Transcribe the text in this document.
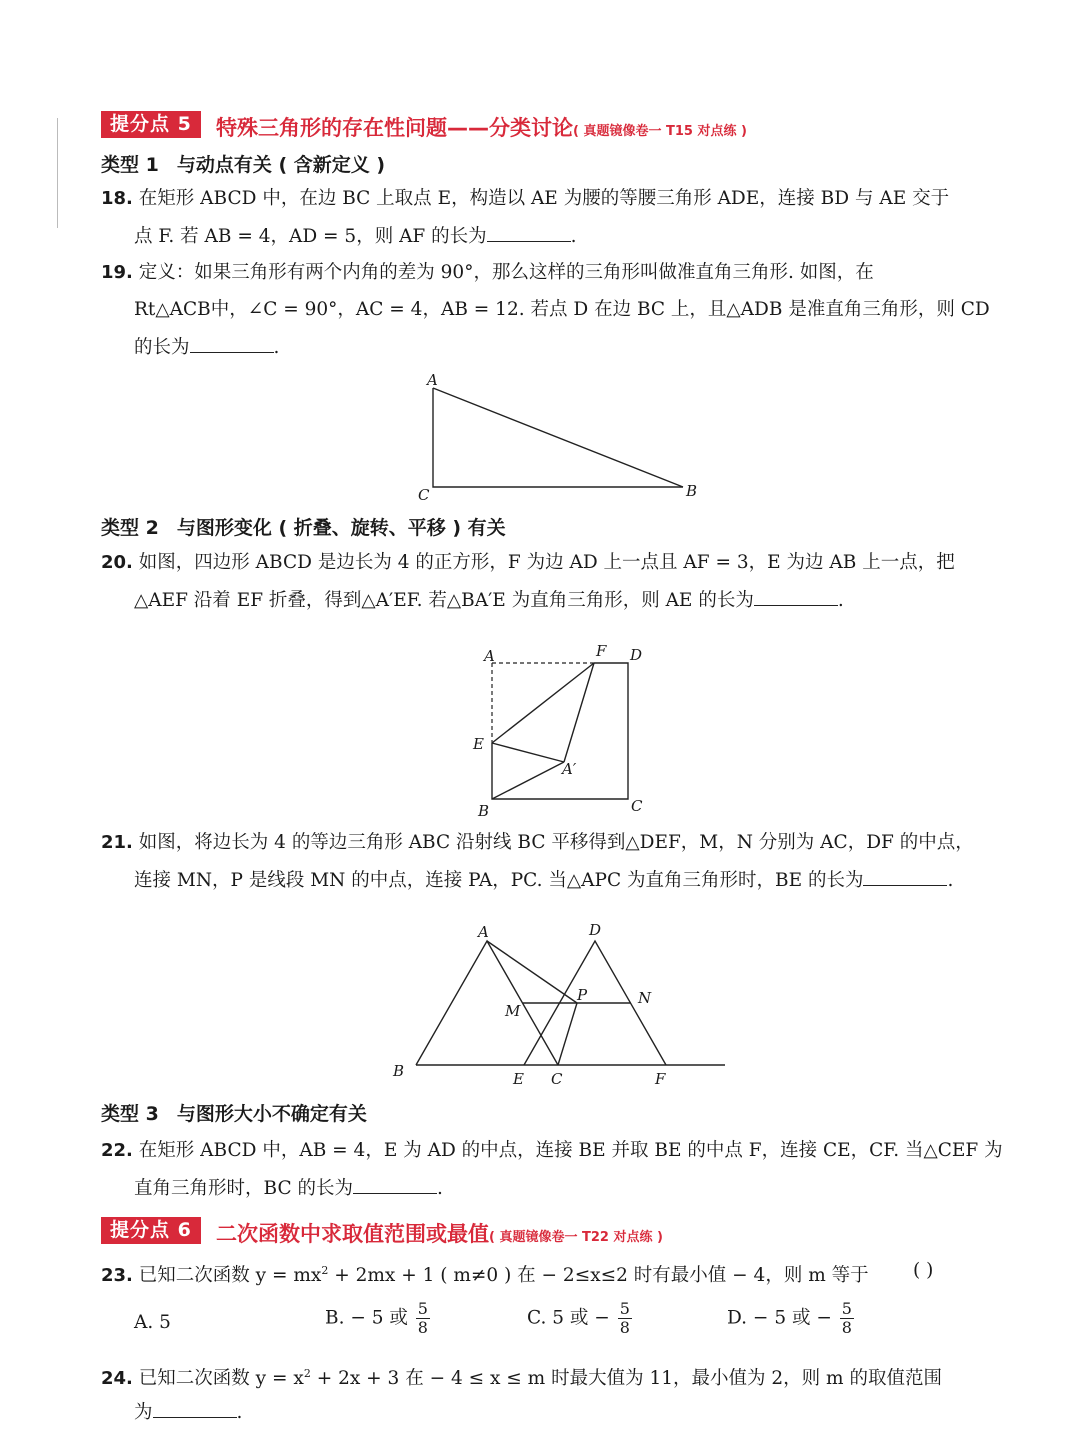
提分点 5	特殊三角形的存在性问题——分类讨论( 真题镜像卷一 T15 对点练 )
类型 1 与动点有关 ( 含新定义 )
18. 在矩形 ABCD 中，在边 BC 上取点 E，构造以 AE 为腰的等腰三角形 ADE，连接 BD 与 AE 交于
点 F. 若 AB = 4，AD = 5，则 AF 的长为	.
19. 定义：如果三角形有两个内角的差为 90°，那么这样的三角形叫做准直角三角形. 如图，在
Rt△ACB中，∠C = 90°，AC = 4，AB = 12. 若点 D 在边 BC 上，且△ADB 是准直角三角形，则 CD
的长为	.
A
C	B
类型 2 与图形变化 ( 折叠、旋转、平移 ) 有关
20. 如图，四边形 ABCD 是边长为 4 的正方形，F 为边 AD 上一点且 AF = 3，E 为边 AB 上一点，把
△AEF 沿着 EF 折叠，得到△A′EF. 若△BA′E 为直角三角形，则 AE 的长为	.
A	F D
E
A′
B	C
21. 如图，将边长为 4 的等边三角形 ABC 沿射线 BC 平移得到△DEF，M，N 分别为 AC，DF 的中点，
连接 MN，P 是线段 MN 的中点，连接 PA，PC. 当△APC 为直角三角形时，BE 的长为	.
A	D
M
P	N
B	E C	F
类型 3 与图形大小不确定有关
22. 在矩形 ABCD 中，AB = 4，E 为 AD 的中点，连接 BE 并取 BE 的中点 F，连接 CE，CF. 当△CEF 为
直角三角形时，BC 的长为	.
提分点 6	二次函数中求取值范围或最值( 真题镜像卷一 T22 对点练 )
23. 已知二次函数 $y = mx^2 + 2mx + 1$ ( m≠0 ) 在 − 2≤x≤2 时有最小值 − 4，则 m 等于 ( )
A. 5	B. − 5 或 $\frac{5}{8}$	C. 5 或 − $\frac{5}{8}$	D. − 5 或 − $\frac{5}{8}$
24. 已知二次函数 $y = x^2 + 2x + 3$ 在 − 4 ≤ x ≤ m 时最大值为 11，最小值为 2，则 m 的取值范围
为	.
